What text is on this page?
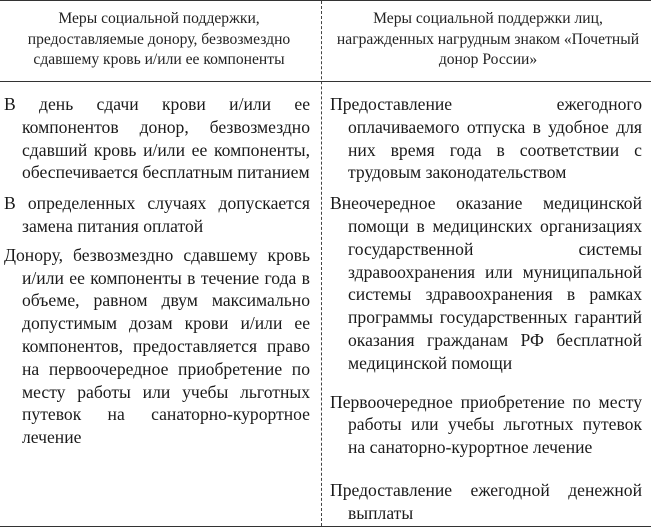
Меры социальной поддержки, предоставляемые донору, безвозмездно сдавшему кровь и/или ее компоненты
Меры социальной поддержки лиц, награжденных нагрудным знаком «Почетный донор России»

В день сдачи крови и/или ее компонентов донор, безвозмездно сдавший кровь и/или ее компоненты, обеспечивается бесплатным питанием

В определенных случаях допускается замена питания оплатой

Донору, безвозмездно сдавшему кровь и/или ее компоненты в течение года в объеме, равном двум максимально допустимым дозам крови и/или ее компонентов, предоставляется право на первоочередное приобретение по месту работы или учебы льготных путевок на санаторно-курортное лечение

Предоставление ежегодного оплачиваемого отпуска в удобное для них время года в соответствии с трудовым законодательством

Внеочередное оказание медицинской помощи в медицинских организациях государственной системы здравоохранения или муниципальной системы здравоохранения в рамках программы государственных гарантий оказания гражданам РФ бесплатной медицинской помощи

Первоочередное приобретение по месту работы или учебы льготных путевок на санаторно-курортное лечение

Предоставление ежегодной денежной выплаты
